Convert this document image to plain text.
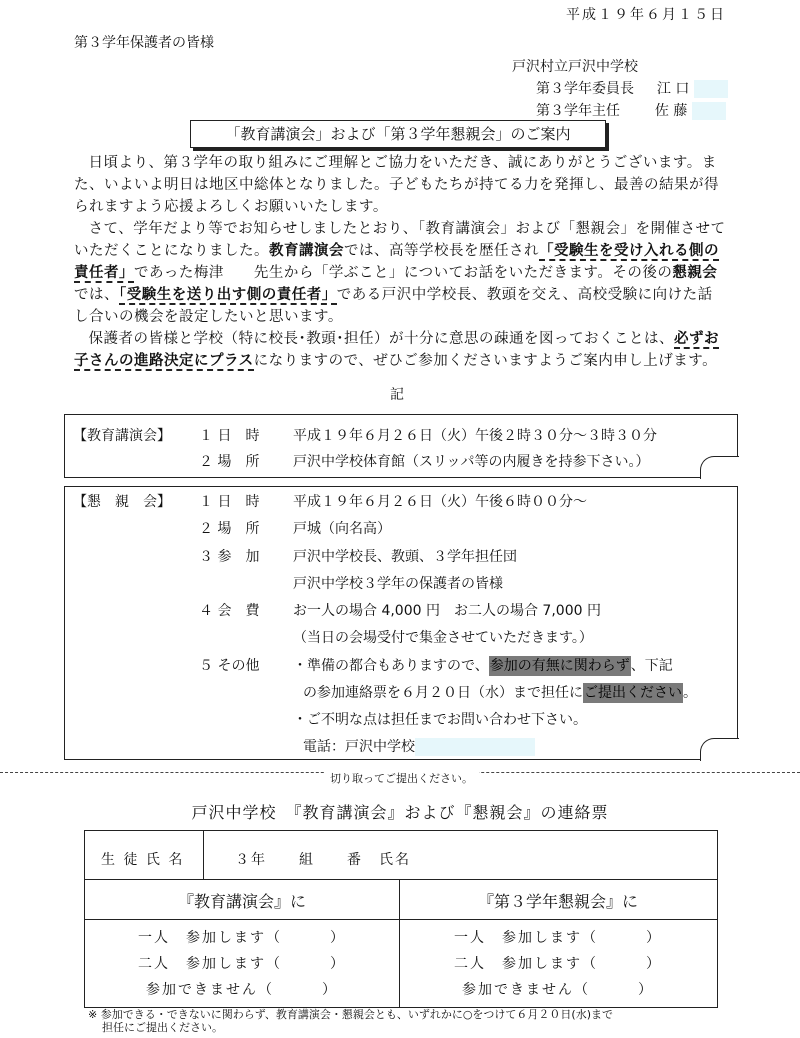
平成１９年６月１５日
第３学年保護者の皆様
戸沢村立戸沢中学校
第３学年委員長 江 口
第３学年主任 佐 藤
「教育講演会」および「第３学年懇親会」のご案内

日頃より、第３学年の取り組みにご理解とご協力をいただき、誠にありがとうございます。また、いよいよ明日は地区中総体となりました。子どもたちが持てる力を発揮し、最善の結果が得られますよう応援よろしくお願いいたします。

さて、学年だより等でお知らせしましたとおり、「教育講演会」および「懇親会」を開催させていただくことになりました。教育講演会では、高等学校長を歴任され「受験生を受け入れる側の責任者」であった梅津　　先生から「学ぶこと」についてお話をいただきます。その後の懇親会では、「受験生を送り出す側の責任者」である戸沢中学校長、教頭を交え、高校受験に向けた話し合いの機会を設定したいと思います。

保護者の皆様と学校（特に校長･教頭･担任）が十分に意思の疎通を図っておくことは、必ずお子さんの進路決定にプラスになりますので、ぜひご参加くださいますようご案内申し上げます。

記
【教育講演会】 １ 日　時 平成１９年６月２６日（火）午後２時３０分～３時３０分
２ 場　所 戸沢中学校体育館（スリッパ等の内履きを持参下さい。）
【懇　親　会】 １ 日　時 平成１９年６月２６日（火）午後６時００分～
２ 場　所 戸城（向名高）
３ 参　加 戸沢中学校長、教頭、３学年担任団
戸沢中学校３学年の保護者の皆様
４ 会　費 お一人の場合 4,000 円　お二人の場合 7,000 円
（当日の会場受付で集金させていただきます。）
５ その他 ・準備の都合もありますので、参加の有無に関わらず、下記
の参加連絡票を６月２０日（水）まで担任にご提出ください。
・ご不明な点は担任までお問い合わせ下さい。
電話：戸沢中学校
切り取ってご提出ください。
戸沢中学校　『教育講演会』および『懇親会』の連絡票
生 徒 氏 名	３年　　組　　番　氏名
『教育講演会』に	『第３学年懇親会』に
一人　参加します（　　　）
二人　参加します（　　　）
参加できません（　　　）
一人　参加します（　　　）
二人　参加します（　　　）
参加できません（　　　）
※ 参加できる・できないに関わらず、教育講演会・懇親会とも、いずれかに○をつけて６月２０日(水)まで
担任にご提出ください。
